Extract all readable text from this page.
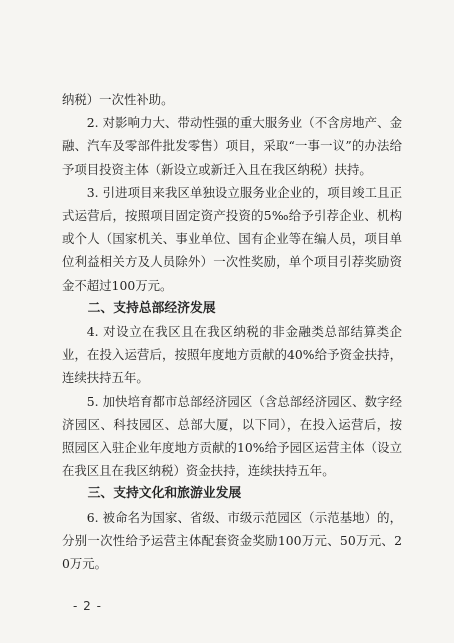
纳税）一次性补助。

2. 对影响力大、带动性强的重大服务业（不含房地产、金融、汽车及零部件批发零售）项目，采取“一事一议”的办法给予项目投资主体（新设立或新迁入且在我区纳税）扶持。

3. 引进项目来我区单独设立服务业企业的，项目竣工且正式运营后，按照项目固定资产投资的5‰给予引荐企业、机构或个人（国家机关、事业单位、国有企业等在编人员，项目单位利益相关方及人员除外）一次性奖励，单个项目引荐奖励资金不超过100万元。

二、支持总部经济发展

4. 对设立在我区且在我区纳税的非金融类总部结算类企业，在投入运营后，按照年度地方贡献的40%给予资金扶持，连续扶持五年。

5. 加快培育都市总部经济园区（含总部经济园区、数字经济园区、科技园区、总部大厦，以下同），在投入运营后，按照园区入驻企业年度地方贡献的10%给予园区运营主体（设立在我区且在我区纳税）资金扶持，连续扶持五年。

三、支持文化和旅游业发展

6. 被命名为国家、省级、市级示范园区（示范基地）的，分别一次性给予运营主体配套资金奖励100万元、50万元、20万元。

- 2 -
